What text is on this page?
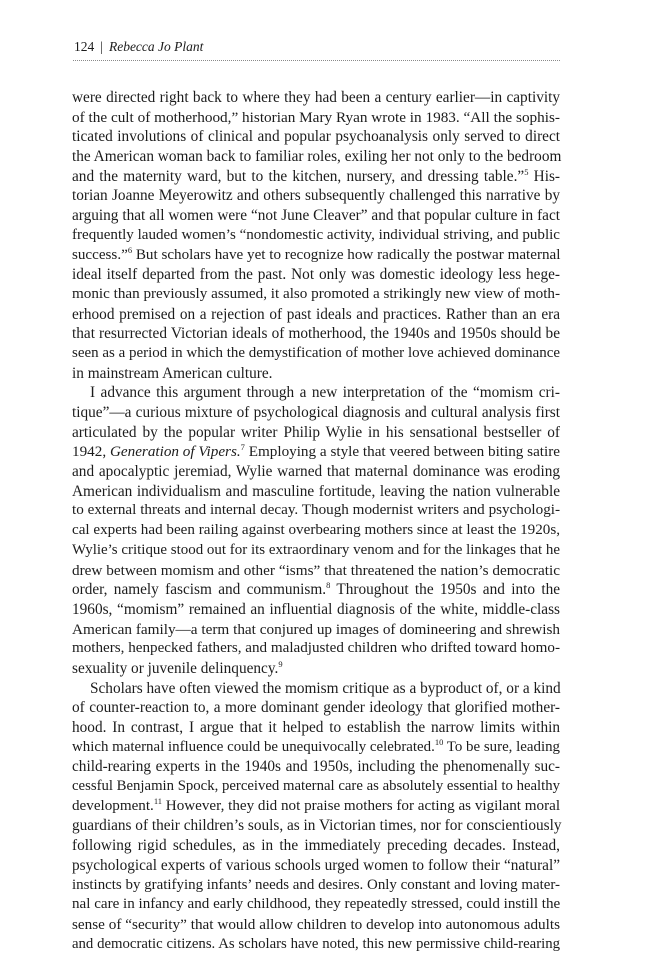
124 | Rebecca Jo Plant
were directed right back to where they had been a century earlier—in captivity
of the cult of motherhood,” historian Mary Ryan wrote in 1983. “All the sophis-
ticated involutions of clinical and popular psychoanalysis only served to direct
the American woman back to familiar roles, exiling her not only to the bedroom
and the maternity ward, but to the kitchen, nursery, and dressing table.”$^5$ His-
torian Joanne Meyerowitz and others subsequently challenged this narrative by
arguing that all women were “not June Cleaver” and that popular culture in fact
frequently lauded women’s “nondomestic activity, individual striving, and public
success.”$^6$ But scholars have yet to recognize how radically the postwar maternal
ideal itself departed from the past. Not only was domestic ideology less hege-
monic than previously assumed, it also promoted a strikingly new view of moth-
erhood premised on a rejection of past ideals and practices. Rather than an era
that resurrected Victorian ideals of motherhood, the 1940s and 1950s should be
seen as a period in which the demystification of mother love achieved dominance
in mainstream American culture.
I advance this argument through a new interpretation of the “momism cri-
tique”—a curious mixture of psychological diagnosis and cultural analysis first
articulated by the popular writer Philip Wylie in his sensational bestseller of
1942, Generation of Vipers.$^7$ Employing a style that veered between biting satire
and apocalyptic jeremiad, Wylie warned that maternal dominance was eroding
American individualism and masculine fortitude, leaving the nation vulnerable
to external threats and internal decay. Though modernist writers and psychologi-
cal experts had been railing against overbearing mothers since at least the 1920s,
Wylie’s critique stood out for its extraordinary venom and for the linkages that he
drew between momism and other “isms” that threatened the nation’s democratic
order, namely fascism and communism.$^8$ Throughout the 1950s and into the
1960s, “momism” remained an influential diagnosis of the white, middle-class
American family—a term that conjured up images of domineering and shrewish
mothers, henpecked fathers, and maladjusted children who drifted toward homo-
sexuality or juvenile delinquency.$^9$
Scholars have often viewed the momism critique as a byproduct of, or a kind
of counter-reaction to, a more dominant gender ideology that glorified mother-
hood. In contrast, I argue that it helped to establish the narrow limits within
which maternal influence could be unequivocally celebrated.$^{10}$ To be sure, leading
child-rearing experts in the 1940s and 1950s, including the phenomenally suc-
cessful Benjamin Spock, perceived maternal care as absolutely essential to healthy
development.$^{11}$ However, they did not praise mothers for acting as vigilant moral
guardians of their children’s souls, as in Victorian times, nor for conscientiously
following rigid schedules, as in the immediately preceding decades. Instead,
psychological experts of various schools urged women to follow their “natural”
instincts by gratifying infants’ needs and desires. Only constant and loving mater-
nal care in infancy and early childhood, they repeatedly stressed, could instill the
sense of “security” that would allow children to develop into autonomous adults
and democratic citizens. As scholars have noted, this new permissive child-rearing
